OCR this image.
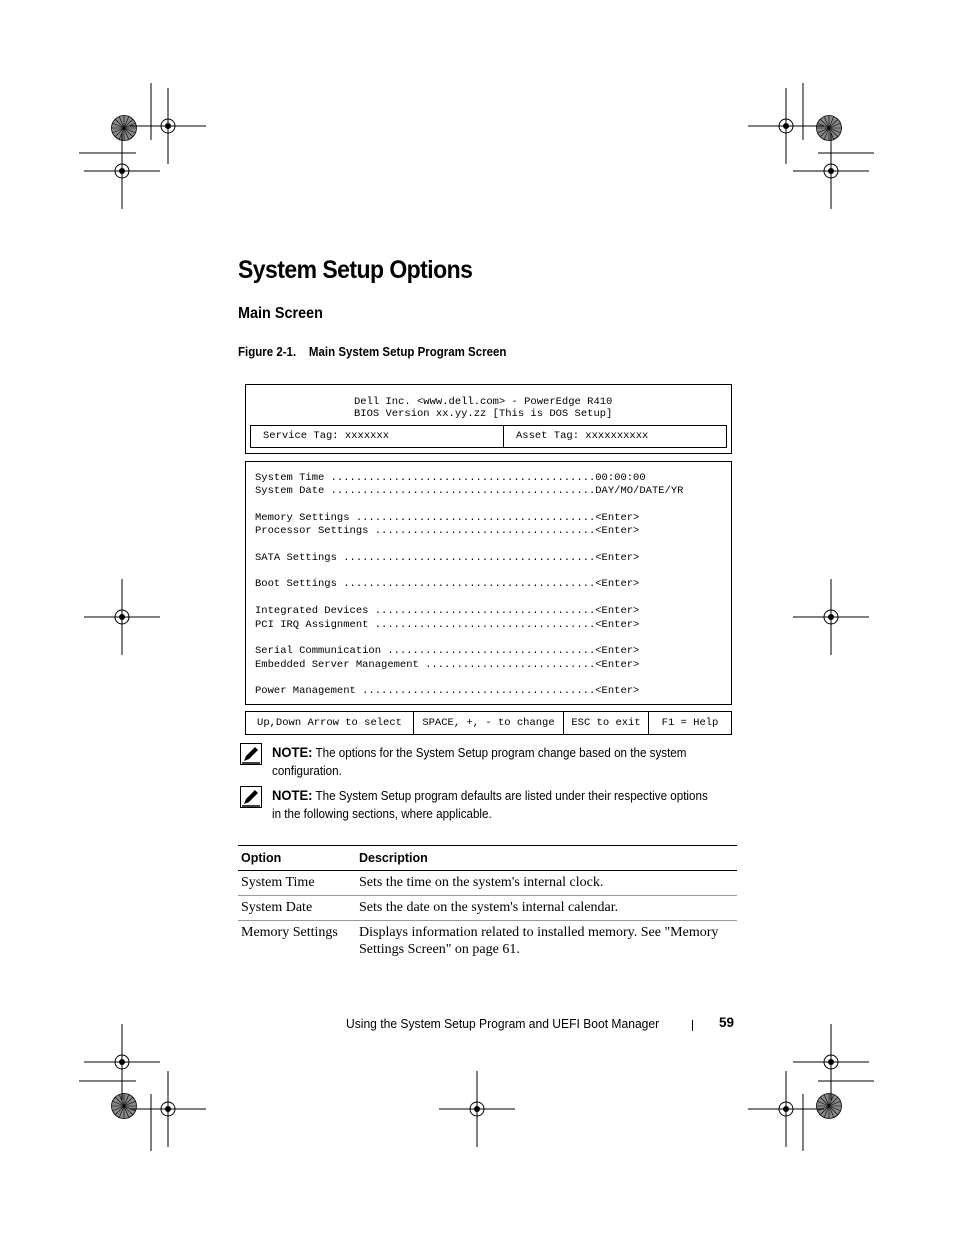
System Setup Options
Main Screen
Figure 2-1.    Main System Setup Program Screen
Dell Inc. <www.dell.com> - PowerEdge R410
BIOS Version xx.yy.zz [This is DOS Setup]
Service Tag: xxxxxxx	Asset Tag: xxxxxxxxxx
System Time ..........................................00:00:00
System Date ..........................................DAY/MO/DATE/YR
Memory Settings ......................................<Enter>
Processor Settings ...................................<Enter>
SATA Settings ........................................<Enter>
Boot Settings ........................................<Enter>
Integrated Devices ...................................<Enter>
PCI IRQ Assignment ...................................<Enter>
Serial Communication .................................<Enter>
Embedded Server Management ...........................<Enter>
Power Management .....................................<Enter>
Up,Down Arrow to select	SPACE, +, - to change	ESC to exit	F1 = Help
NOTE: The options for the System Setup program change based on the system configuration.
NOTE: The System Setup program defaults are listed under their respective options in the following sections, where applicable.
Option	Description
System Time	Sets the time on the system's internal clock.
System Date	Sets the date on the system's internal calendar.
Memory Settings	Displays information related to installed memory. See "Memory Settings Screen" on page 61.
Using the System Setup Program and UEFI Boot Manager	59
